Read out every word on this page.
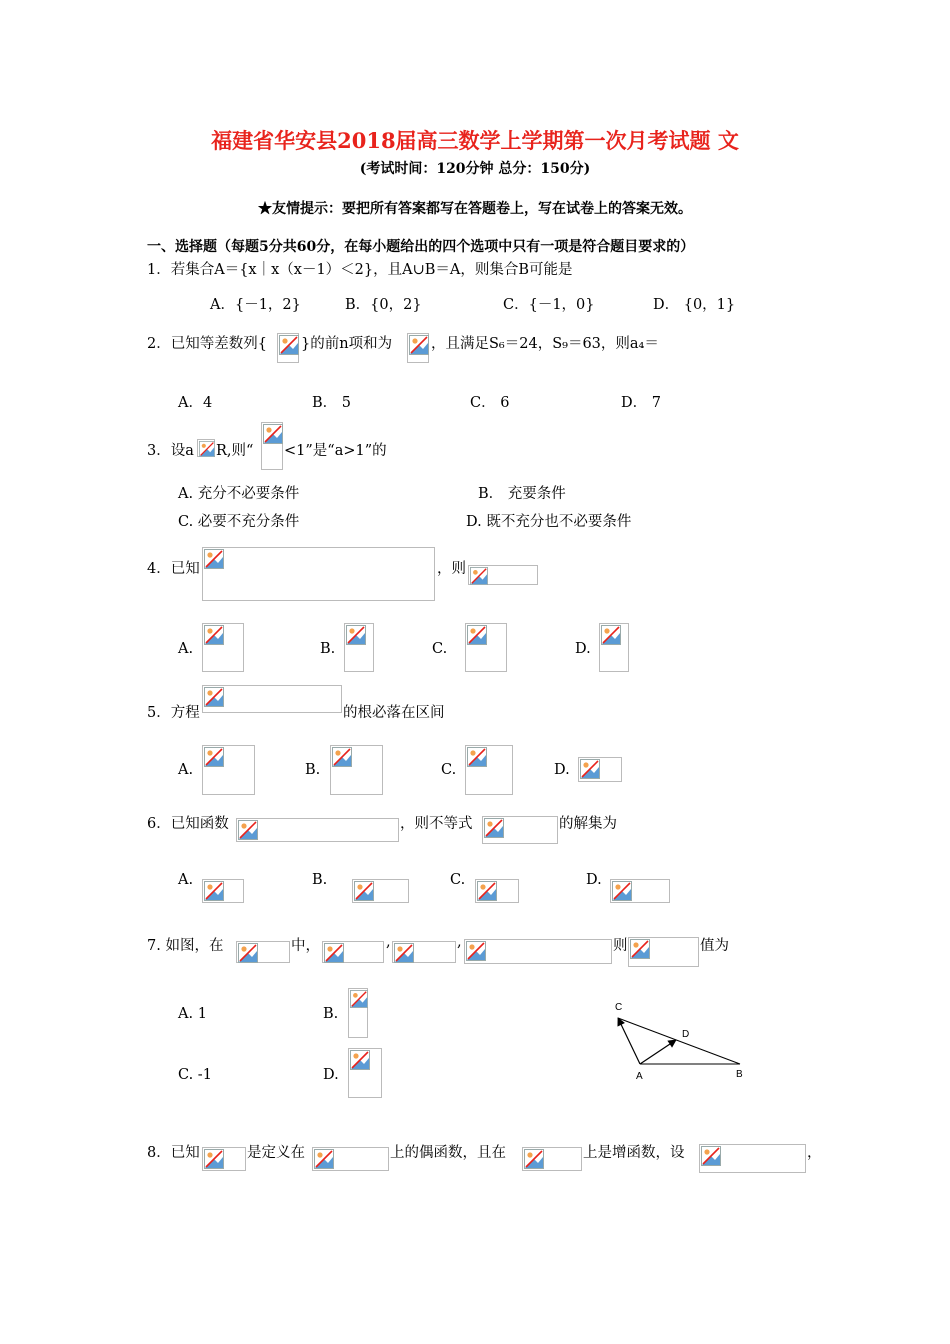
福建省华安县2018届高三数学上学期第一次月考试题 文
(考试时间：120分钟 总分：150分)
★友情提示：要把所有答案都写在答题卷上，写在试卷上的答案无效。
一、选择题（每题5分共60分，在每小题给出的四个选项中只有一项是符合题目要求的）
1．若集合A＝{x｜x（x－1）＜2}，且A∪B＝A，则集合B可能是
A．{－1，2}	B．{0，2}	C．{－1，0}	D． {0，1}
2．已知等差数列{ }的前n项和为	，且满足S₆＝24，S₉＝63，则a₄＝
A．4	B． 5	C． 6	D． 7
3．设a R,则“ <1”是“a>1”的
A. 充分不必要条件	B． 充要条件
C. 必要不充分条件	D. 既不充分也不必要条件
4．已知	，则
A.	B.	C.	D.
5．方程	的根必落在区间
A.	B.	C.	D.
6．已知函数	，则不等式	的解集为
A.	B.	C.	D.
7. 如图，在	中，	,	,	则	值为
A. 1	B.
C. -1	D.
C
D
A	B
8．已知	是定义在	上的偶函数，且在	上是增函数，设	，
